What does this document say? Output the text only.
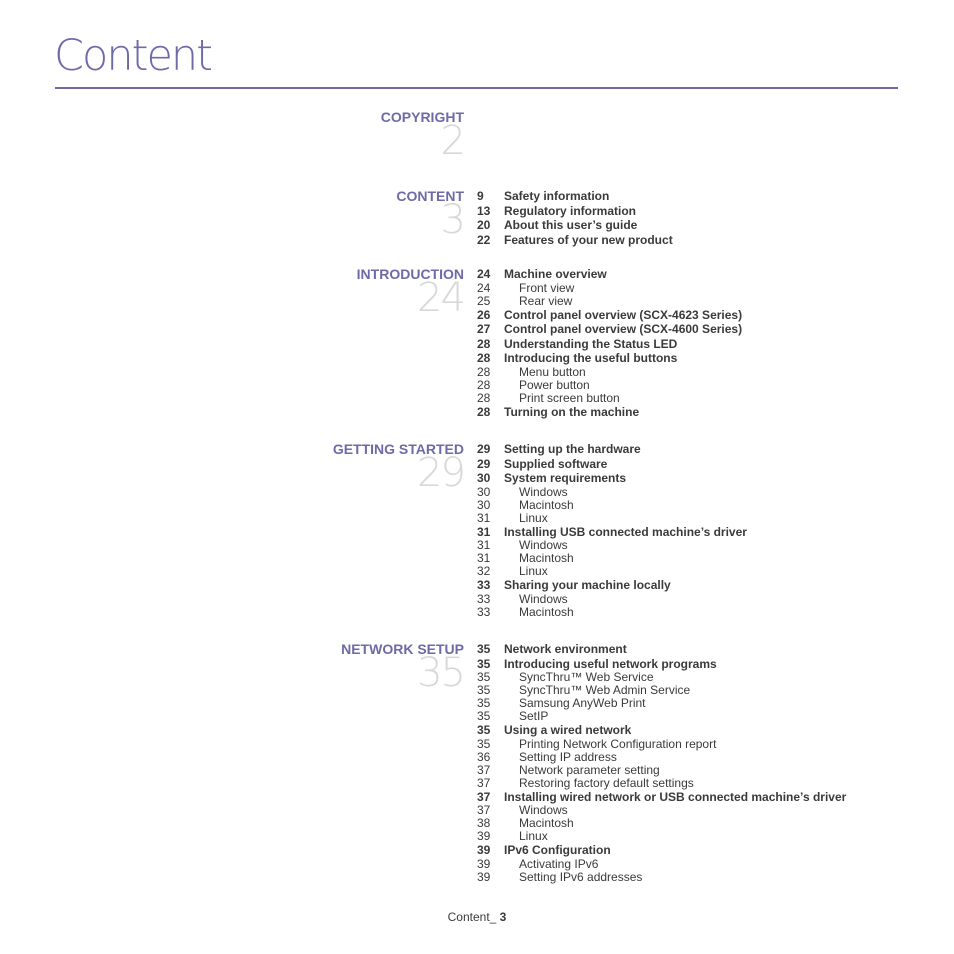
Content
COPYRIGHT
2
CONTENT
3
9 Safety information
13 Regulatory information
20 About this user’s guide
22 Features of your new product
INTRODUCTION
24
24 Machine overview
24 Front view
25 Rear view
26 Control panel overview (SCX-4623 Series)
27 Control panel overview (SCX-4600 Series)
28 Understanding the Status LED
28 Introducing the useful buttons
28 Menu button
28 Power button
28 Print screen button
28 Turning on the machine
GETTING STARTED
29
29 Setting up the hardware
29 Supplied software
30 System requirements
30 Windows
30 Macintosh
31 Linux
31 Installing USB connected machine’s driver
31 Windows
31 Macintosh
32 Linux
33 Sharing your machine locally
33 Windows
33 Macintosh
NETWORK SETUP
35
35 Network environment
35 Introducing useful network programs
35 SyncThru™ Web Service
35 SyncThru™ Web Admin Service
35 Samsung AnyWeb Print
35 SetIP
35 Using a wired network
35 Printing Network Configuration report
36 Setting IP address
37 Network parameter setting
37 Restoring factory default settings
37 Installing wired network or USB connected machine’s driver
37 Windows
38 Macintosh
39 Linux
39 IPv6 Configuration
39 Activating IPv6
39 Setting IPv6 addresses
Content_ 3
